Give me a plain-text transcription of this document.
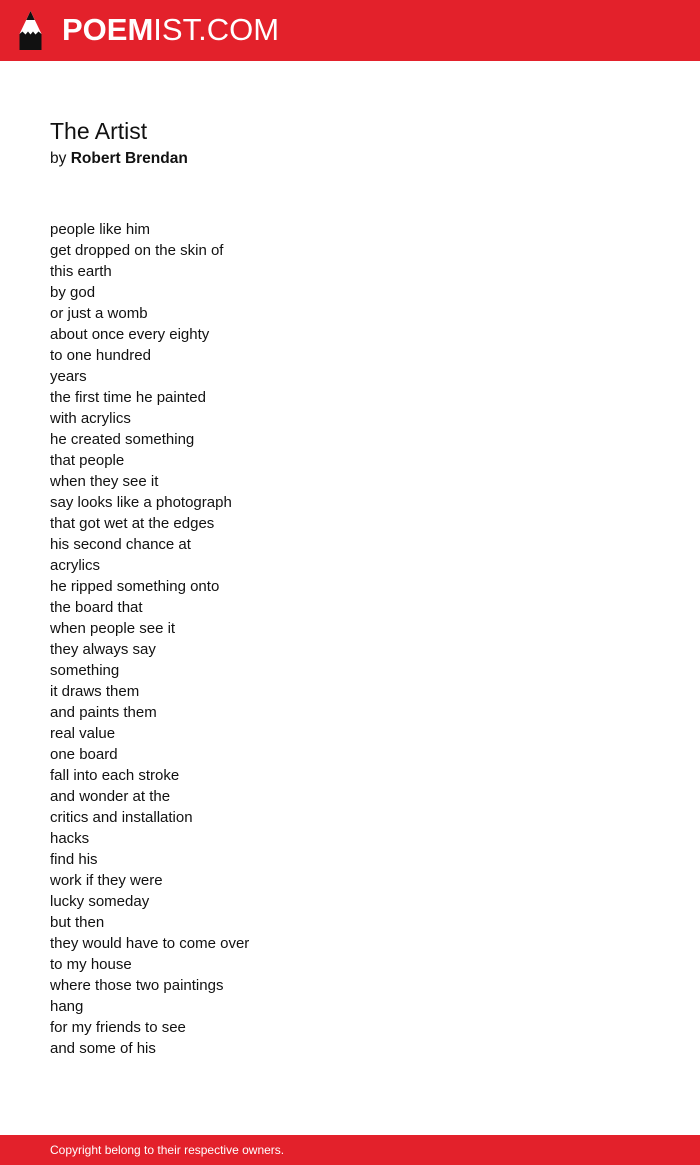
POEMIST.COM
The Artist
by Robert Brendan
people like him
get dropped on the skin of
this earth
by god
or just a womb
about once every eighty
to one hundred
years
the first time he painted
with acrylics
he created something
that people
when they see it
say looks like a photograph
that got wet at the edges
his second chance at
acrylics
he ripped something onto
the board that
when people see it
they always say
something
it draws them
and paints them
real value
one board
fall into each stroke
and wonder at the
critics and installation
hacks
find his
work if they were
lucky someday
but then
they would have to come over
to my house
where those two paintings
hang
for my friends to see
and some of his
Copyright belong to their respective owners.
